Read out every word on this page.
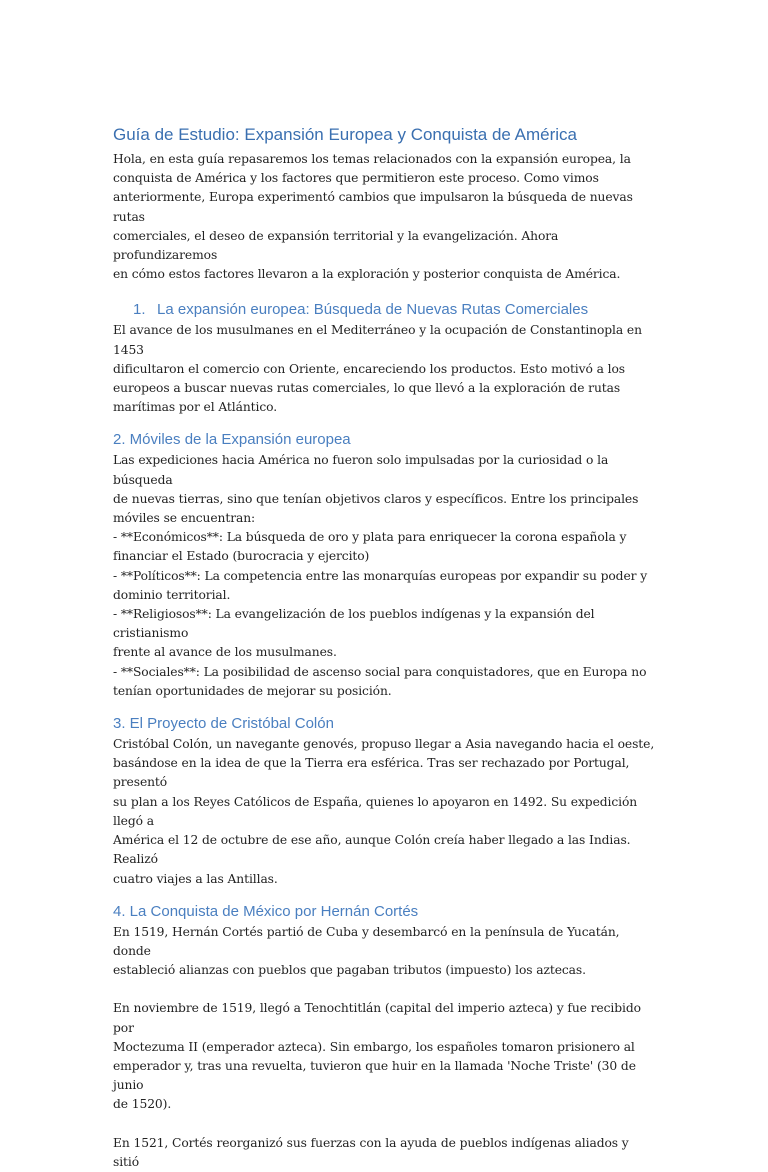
Guía de Estudio: Expansión Europea y Conquista de América

Hola, en esta guía repasaremos los temas relacionados con la expansión europea, la

conquista de América y los factores que permitieron este proceso. Como vimos

anteriormente, Europa experimentó cambios que impulsaron la búsqueda de nuevas rutas

comerciales, el deseo de expansión territorial y la evangelización. Ahora profundizaremos

en cómo estos factores llevaron a la exploración y posterior conquista de América.

1. La expansión europea: Búsqueda de Nuevas Rutas Comerciales

El avance de los musulmanes en el Mediterráneo y la ocupación de Constantinopla en 1453

dificultaron el comercio con Oriente, encareciendo los productos. Esto motivó a los

europeos a buscar nuevas rutas comerciales, lo que llevó a la exploración de rutas

marítimas por el Atlántico.

2. Móviles de la Expansión europea

Las expediciones hacia América no fueron solo impulsadas por la curiosidad o la búsqueda

de nuevas tierras, sino que tenían objetivos claros y específicos. Entre los principales

móviles se encuentran:

- **Económicos**: La búsqueda de oro y plata para enriquecer la corona española y

financiar el Estado (burocracia y ejercito)

- **Políticos**: La competencia entre las monarquías europeas por expandir su poder y

dominio territorial.

- **Religiosos**: La evangelización de los pueblos indígenas y la expansión del cristianismo

frente al avance de los musulmanes.

- **Sociales**: La posibilidad de ascenso social para conquistadores, que en Europa no

tenían oportunidades de mejorar su posición.

3. El Proyecto de Cristóbal Colón

Cristóbal Colón, un navegante genovés, propuso llegar a Asia navegando hacia el oeste,

basándose en la idea de que la Tierra era esférica. Tras ser rechazado por Portugal, presentó

su plan a los Reyes Católicos de España, quienes lo apoyaron en 1492. Su expedición llegó a

América el 12 de octubre de ese año, aunque Colón creía haber llegado a las Indias. Realizó

cuatro viajes a las Antillas.

4. La Conquista de México por Hernán Cortés

En 1519, Hernán Cortés partió de Cuba y desembarcó en la península de Yucatán, donde

estableció alianzas con pueblos que pagaban tributos (impuesto) los aztecas.

En noviembre de 1519, llegó a Tenochtitlán (capital del imperio azteca) y fue recibido por

Moctezuma II (emperador azteca). Sin embargo, los españoles tomaron prisionero al

emperador y, tras una revuelta, tuvieron que huir en la llamada 'Noche Triste' (30 de junio

de 1520).

En 1521, Cortés reorganizó sus fuerzas con la ayuda de pueblos indígenas aliados y sitió
